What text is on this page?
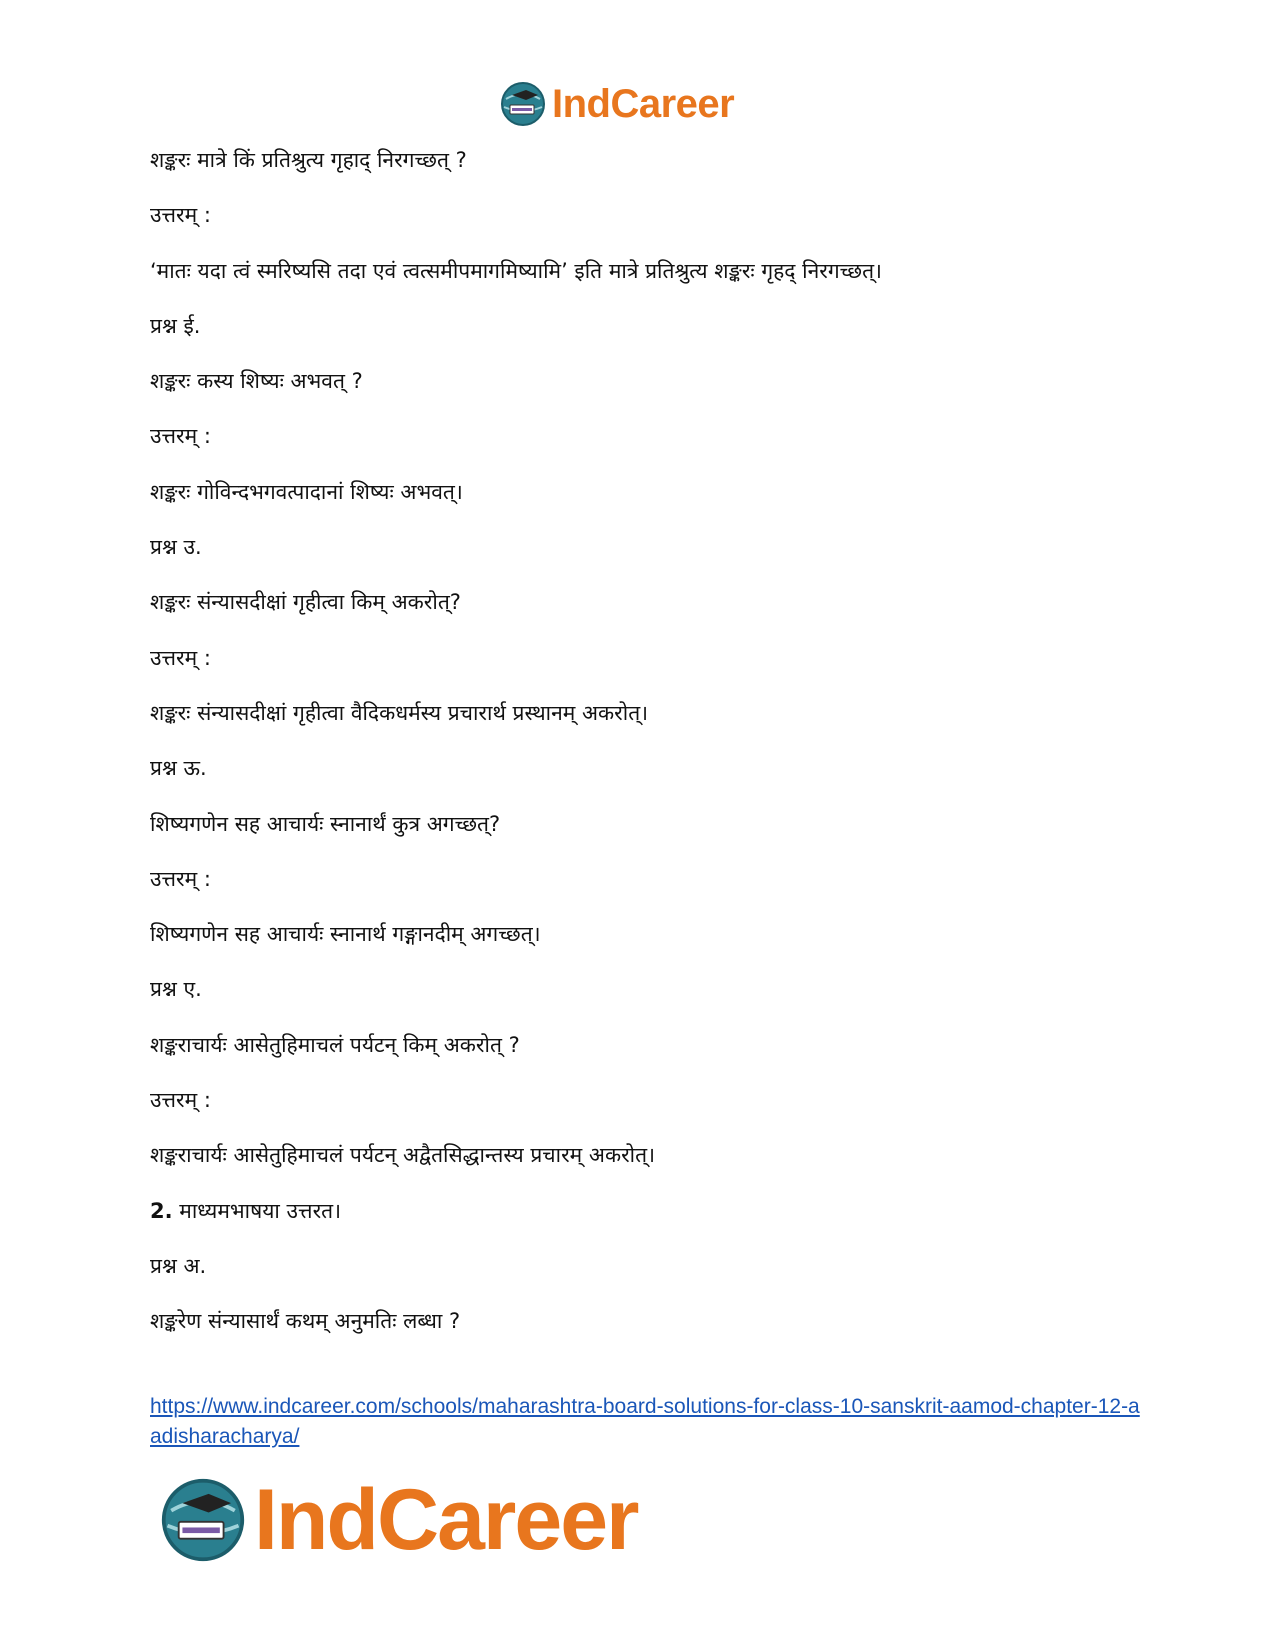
IndCareer
शङ्करः मात्रे किं प्रतिश्रुत्य गृहाद् निरगच्छत् ?
उत्तरम् :
‘मातः यदा त्वं स्मरिष्यसि तदा एवं त्वत्समीपमागमिष्यामि’ इति मात्रे प्रतिश्रुत्य शङ्करः गृहद् निरगच्छत्।
प्रश्न ई.
शङ्करः कस्य शिष्यः अभवत् ?
उत्तरम् :
शङ्करः गोविन्दभगवत्पादानां शिष्यः अभवत्।
प्रश्न उ.
शङ्करः संन्यासदीक्षां गृहीत्वा किम् अकरोत्?
उत्तरम् :
शङ्करः संन्यासदीक्षां गृहीत्वा वैदिकधर्मस्य प्रचारार्थ प्रस्थानम् अकरोत्।
प्रश्न ऊ.
शिष्यगणेन सह आचार्यः स्नानार्थं कुत्र अगच्छत्?
उत्तरम् :
शिष्यगणेन सह आचार्यः स्नानार्थ गङ्गानदीम् अगच्छत्।
प्रश्न ए.
शङ्कराचार्यः आसेतुहिमाचलं पर्यटन् किम् अकरोत् ?
उत्तरम् :
शङ्कराचार्यः आसेतुहिमाचलं पर्यटन् अद्वैतसिद्धान्तस्य प्रचारम् अकरोत्।
2. माध्यमभाषया उत्तरत।
प्रश्न अ.
शङ्करेण संन्यासार्थं कथम् अनुमतिः लब्धा ?
https://www.indcareer.com/schools/maharashtra-board-solutions-for-class-10-sanskrit-aamod-chapter-12-aadisharacharya/
IndCareer
